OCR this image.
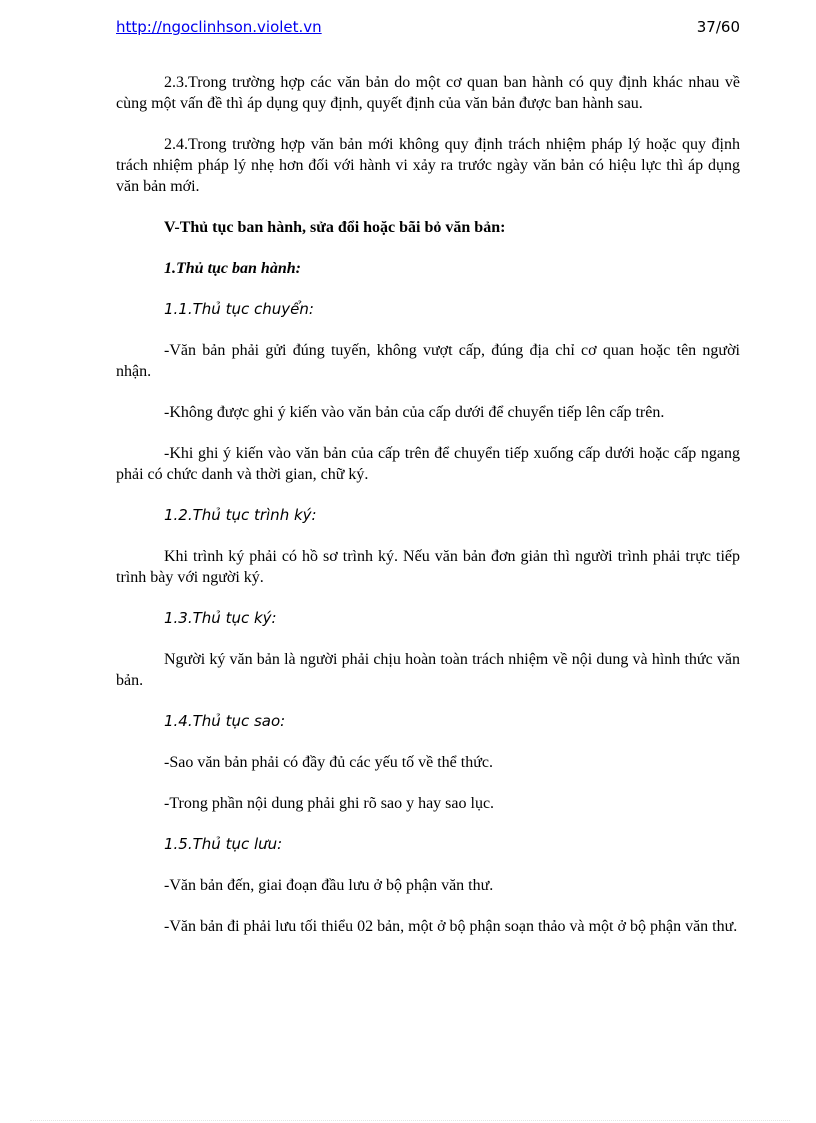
http://ngoclinhson.violet.vn	37/60

2.3.Trong trường hợp các văn bản do một cơ quan ban hành có quy định khác nhau về cùng một vấn đề thì áp dụng quy định, quyết định của văn bản được ban hành sau.

2.4.Trong trường hợp văn bản mới không quy định trách nhiệm pháp lý hoặc quy định trách nhiệm pháp lý nhẹ hơn đối với hành vi xảy ra trước ngày văn bản có hiệu lực thì áp dụng văn bản mới.

V-Thủ tục ban hành, sửa đổi hoặc bãi bỏ văn bản:

1.Thủ tục ban hành:

1.1.Thủ tục chuyển:

-Văn bản phải gửi đúng tuyến, không vượt cấp, đúng địa chỉ cơ quan hoặc tên người nhận.

-Không được ghi ý kiến vào văn bản của cấp dưới để chuyển tiếp lên cấp trên.

-Khi ghi ý kiến vào văn bản của cấp trên để chuyển tiếp xuống cấp dưới hoặc cấp ngang phải có chức danh và thời gian, chữ ký.

1.2.Thủ tục trình ký:

Khi trình ký phải có hồ sơ trình ký. Nếu văn bản đơn giản thì người trình phải trực tiếp trình bày với người ký.

1.3.Thủ tục ký:

Người ký văn bản là người phải chịu hoàn toàn trách nhiệm về nội dung và hình thức văn bản.

1.4.Thủ tục sao:

-Sao văn bản phải có đầy đủ các yếu tố về thể thức.

-Trong phần nội dung phải ghi rõ sao y hay sao lục.

1.5.Thủ tục lưu:

-Văn bản đến, giai đoạn đầu lưu ở bộ phận văn thư.

-Văn bản đi phải lưu tối thiểu 02 bản, một ở bộ phận soạn thảo và một ở bộ phận văn thư.
